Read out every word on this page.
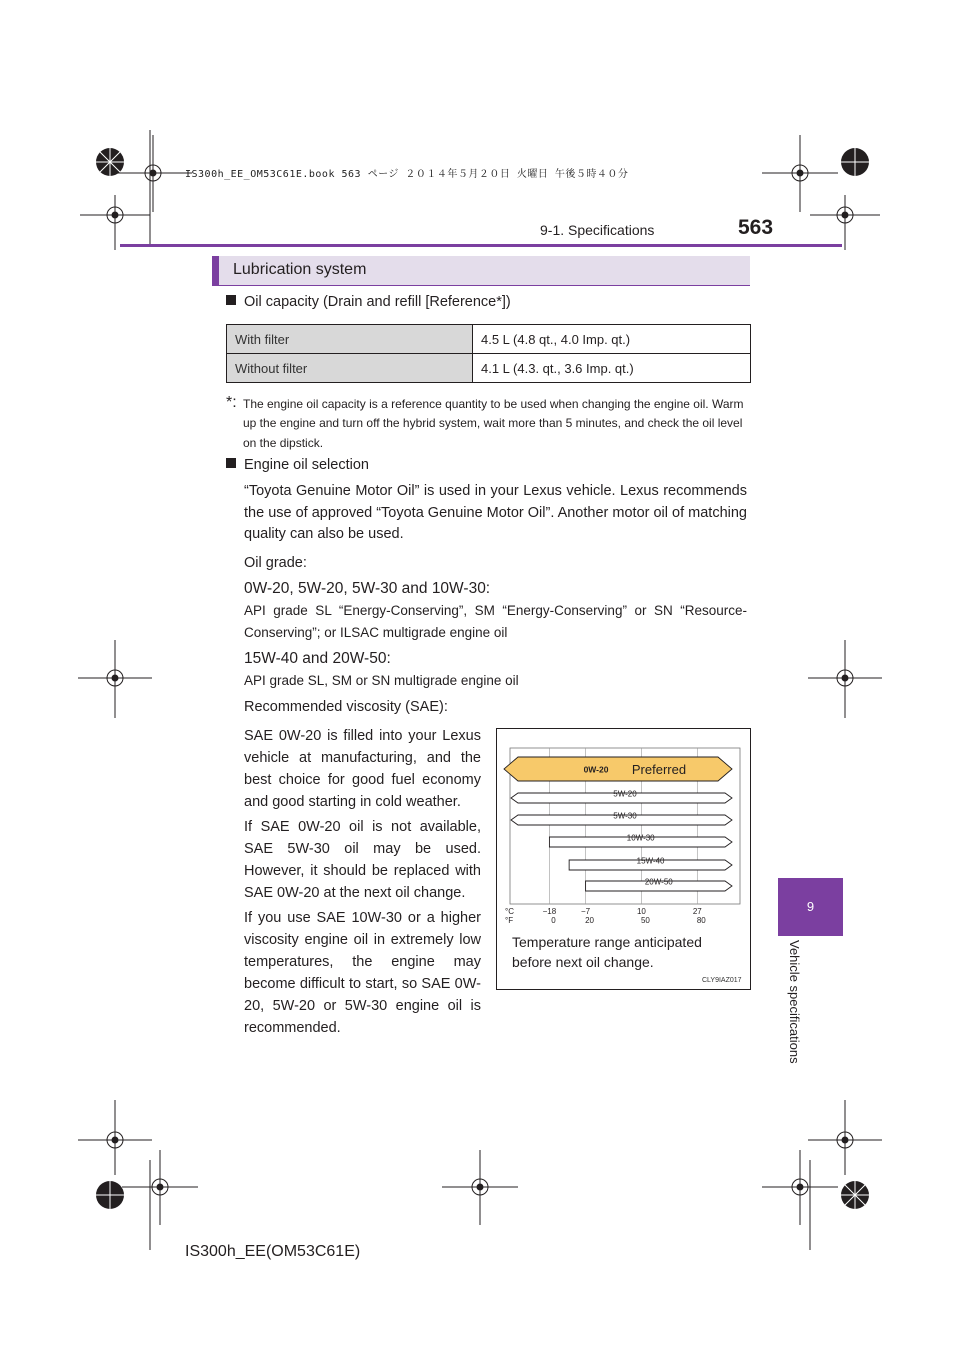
IS300h_EE_OM53C61E.book 563 ページ ２０１４年５月２０日 火曜日 午後５時４０分
9-1. Specifications	563
9
Vehicle specifications
Lubrication system
Oil capacity (Drain and refill [Reference*])
With filter	4.5 L (4.8 qt., 4.0 Imp. qt.)
Without filter	4.1 L (4.3. qt., 3.6 Imp. qt.)
*: The engine oil capacity is a reference quantity to be used when changing the engine oil. Warm up the engine and turn off the hybrid system, wait more than 5 minutes, and check the oil level on the dipstick.
Engine oil selection
“Toyota Genuine Motor Oil” is used in your Lexus vehicle. Lexus recommends the use of approved “Toyota Genuine Motor Oil”. Another motor oil of matching quality can also be used.
Oil grade:
0W-20, 5W-20, 5W-30 and 10W-30:
API grade SL “Energy-Conserving”, SM “Energy-Conserving” or SN “Resource-Conserving”; or ILSAC multigrade engine oil
15W-40 and 20W-50:
API grade SL, SM or SN multigrade engine oil
Recommended viscosity (SAE):
SAE 0W-20 is filled into your Lexus vehicle at manufacturing, and the best choice for good fuel economy and good starting in cold weather.
If SAE 0W-20 oil is not available, SAE 5W-30 oil may be used. However, it should be replaced with SAE 0W-20 at the next oil change.
If you use SAE 10W-30 or a higher viscosity engine oil in extremely low temperatures, the engine may become difficult to start, so SAE 0W-20, 5W-20 or 5W-30 engine oil is recommended.
−18
0
−7
20
10
50
27
80
°C
°F
0W-20
5W-20
5W-30
10W-30
15W-40
20W-50
Preferred
Temperature range anticipated before next oil change.
CLY9IAZ017
IS300h_EE(OM53C61E)
